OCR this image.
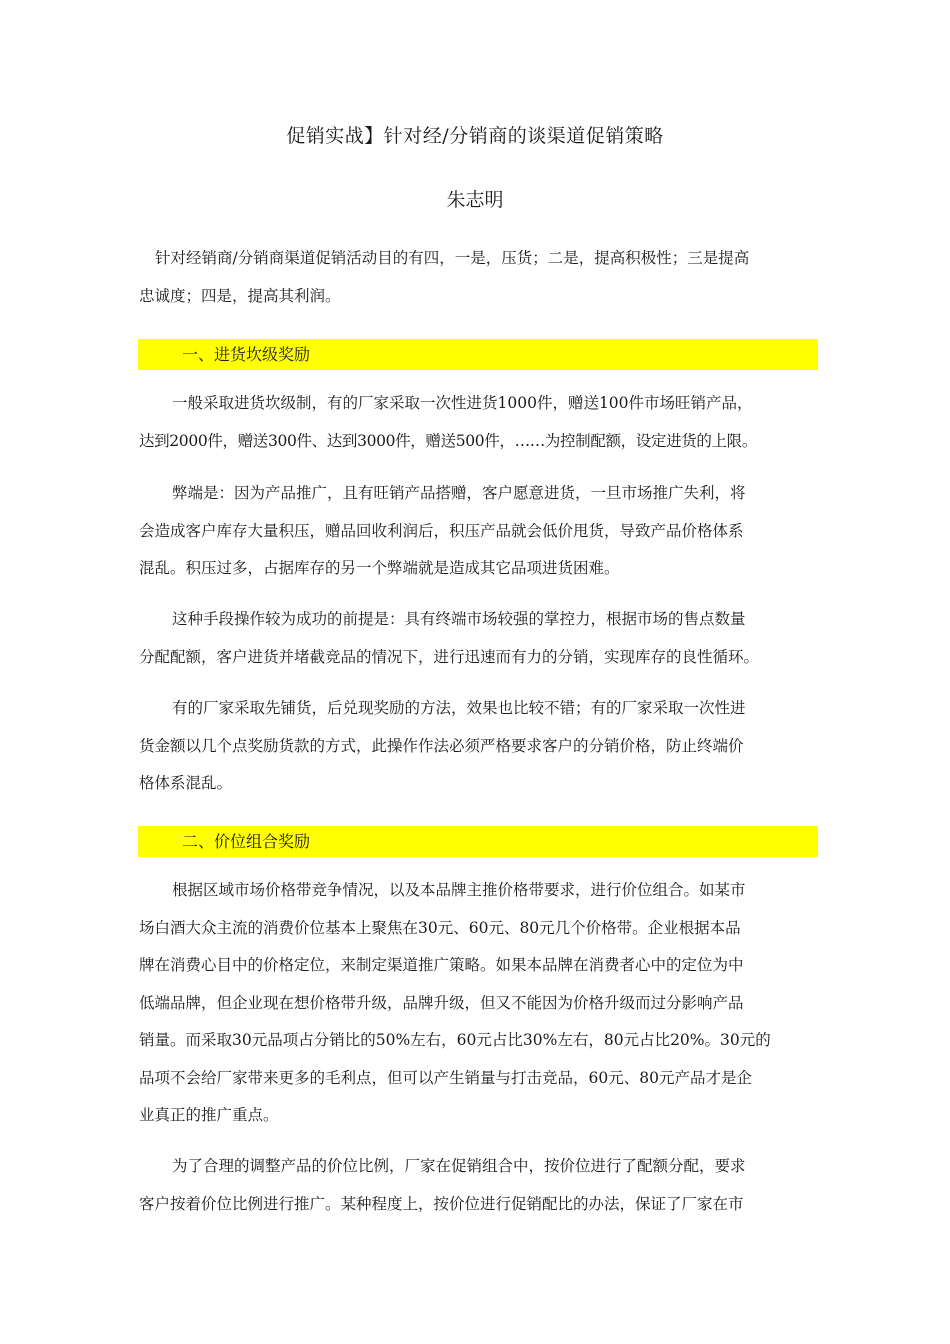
促销实战】针对经/分销商的谈渠道促销策略
朱志明
针对经销商/分销商渠道促销活动目的有四，一是，压货；二是，提高积极性；三是提高
忠诚度；四是，提高其利润。
一、进货坎级奖励
一般采取进货坎级制，有的厂家采取一次性进货1000件，赠送100件市场旺销产品，
达到2000件，赠送300件、达到3000件，赠送500件，……为控制配额，设定进货的上限。
弊端是：因为产品推广，且有旺销产品搭赠，客户愿意进货，一旦市场推广失利，将
会造成客户库存大量积压，赠品回收利润后，积压产品就会低价甩货，导致产品价格体系
混乱。积压过多，占据库存的另一个弊端就是造成其它品项进货困难。
这种手段操作较为成功的前提是：具有终端市场较强的掌控力，根据市场的售点数量
分配配额，客户进货并堵截竞品的情况下，进行迅速而有力的分销，实现库存的良性循环。
有的厂家采取先铺货，后兑现奖励的方法，效果也比较不错；有的厂家采取一次性进
货金额以几个点奖励货款的方式，此操作作法必须严格要求客户的分销价格，防止终端价
格体系混乱。
二、价位组合奖励
根据区域市场价格带竞争情况，以及本品牌主推价格带要求，进行价位组合。如某市
场白酒大众主流的消费价位基本上聚焦在30元、60元、80元几个价格带。企业根据本品
牌在消费心目中的价格定位，来制定渠道推广策略。如果本品牌在消费者心中的定位为中
低端品牌，但企业现在想价格带升级，品牌升级，但又不能因为价格升级而过分影响产品
销量。而采取30元品项占分销比的50%左右，60元占比30%左右，80元占比20%。30元的
品项不会给厂家带来更多的毛利点，但可以产生销量与打击竞品，60元、80元产品才是企
业真正的推广重点。
为了合理的调整产品的价位比例，厂家在促销组合中，按价位进行了配额分配，要求
客户按着价位比例进行推广。某种程度上，按价位进行促销配比的办法，保证了厂家在市
